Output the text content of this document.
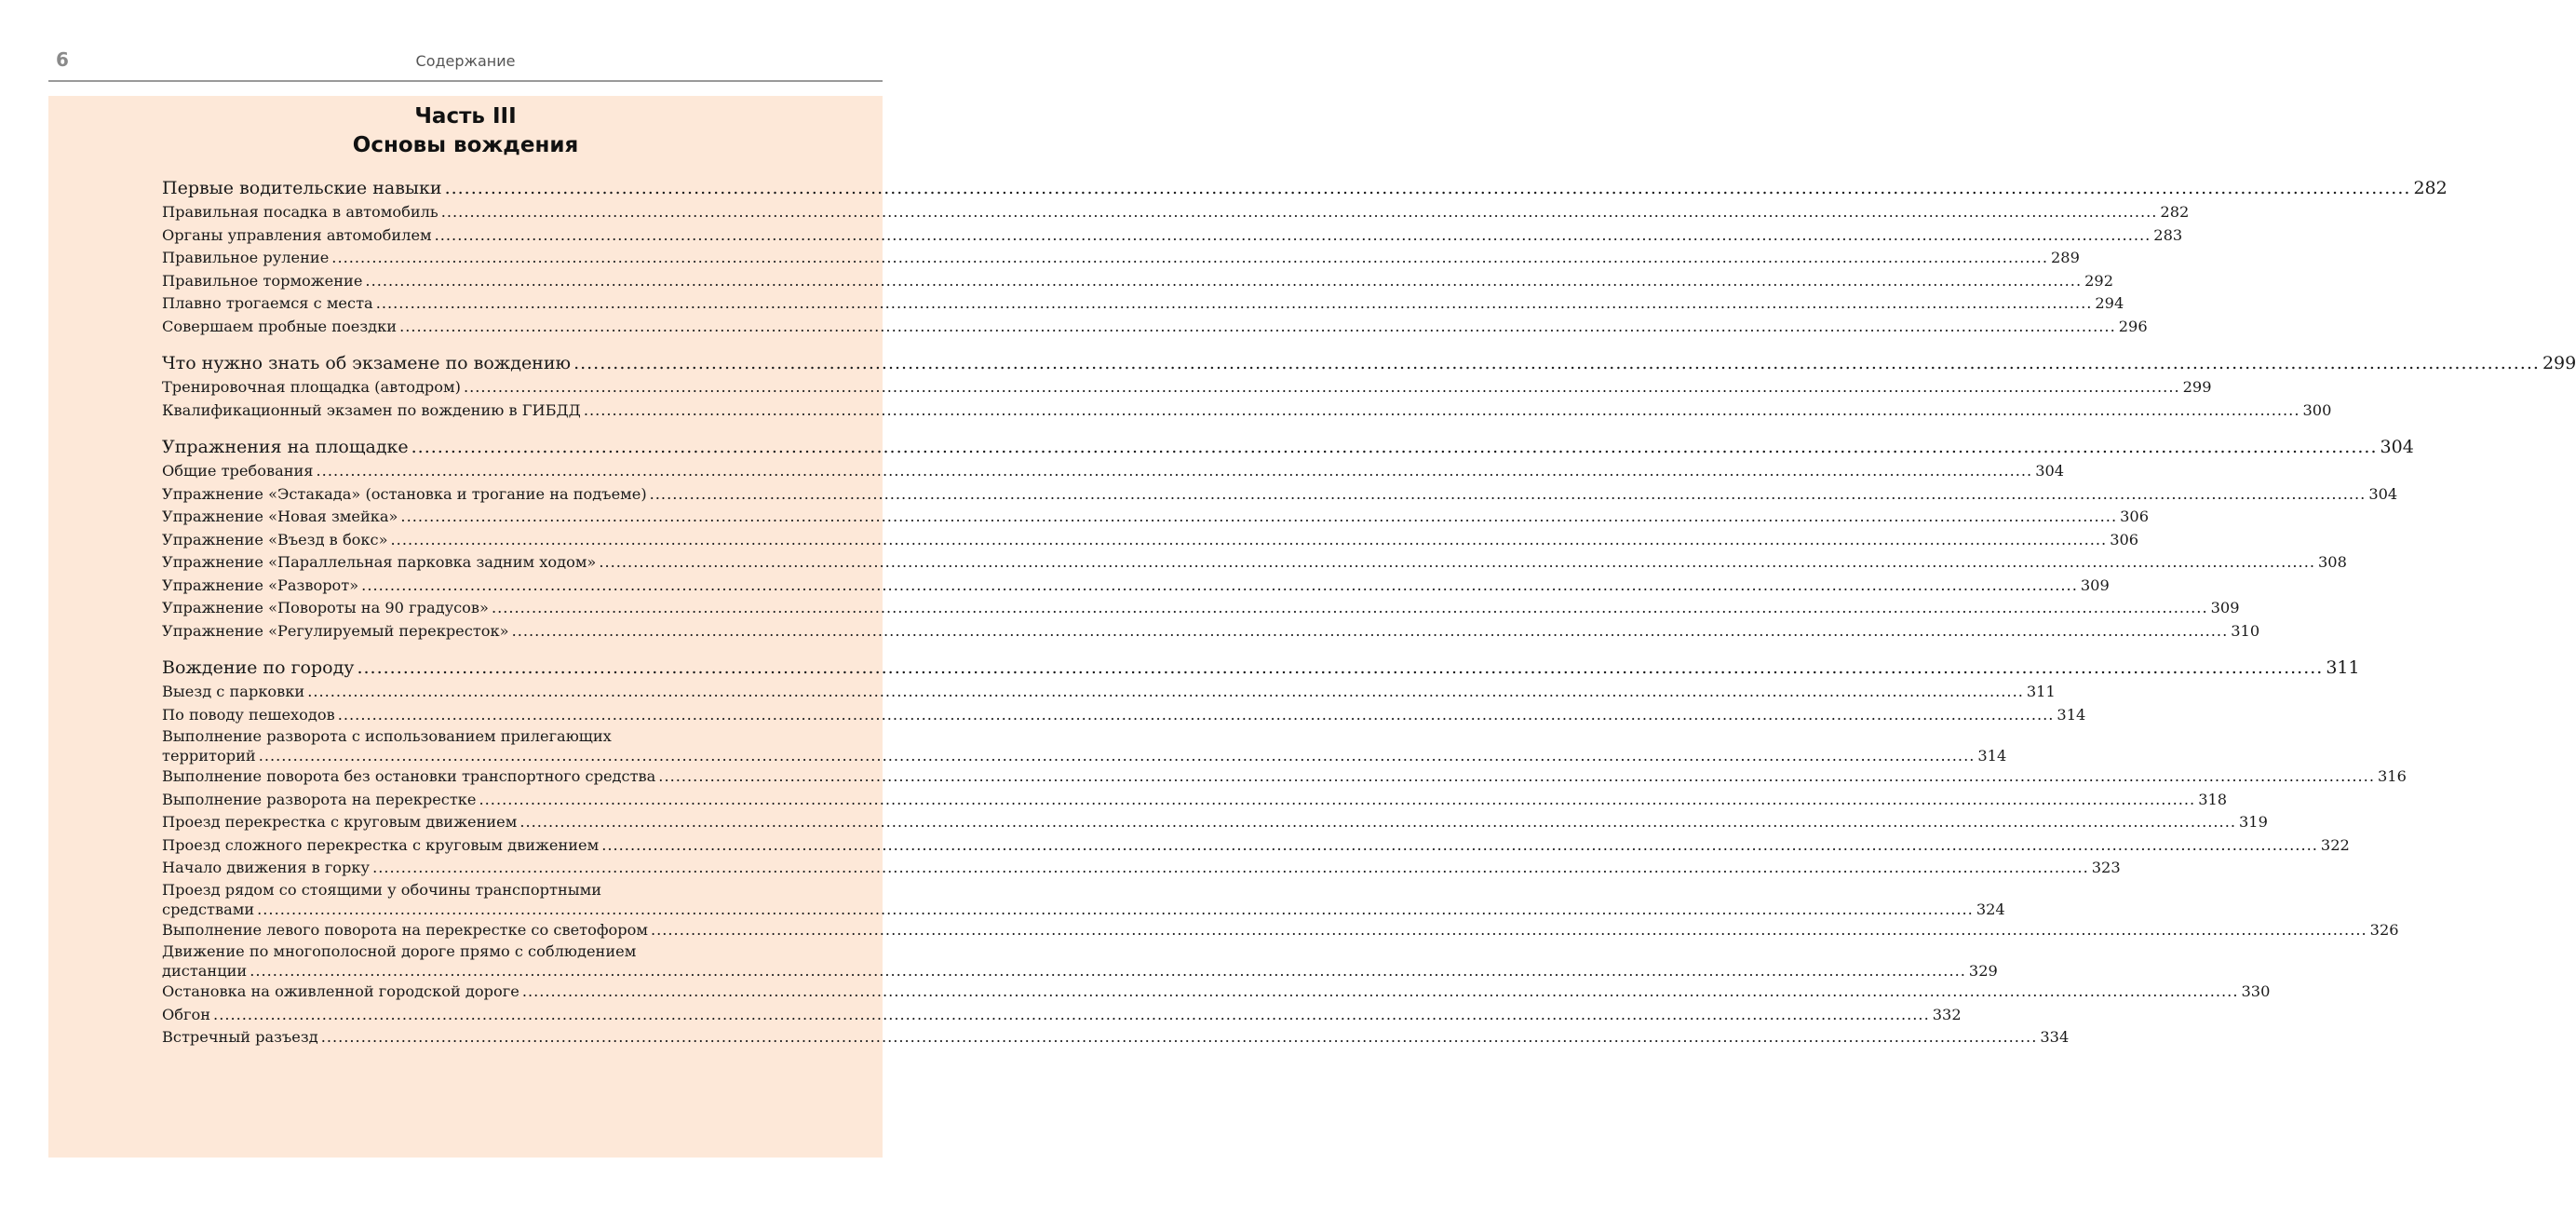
6	Содержание
Часть III
Основы вождения
Первые водительские навыки ............................................................................................................................................................................................................................................................................................................ 282
Правильная посадка в автомобиль ............................................................................................................................................................................................................................................................................................................ 282
Органы управления автомобилем ............................................................................................................................................................................................................................................................................................................ 283
Правильное руление ............................................................................................................................................................................................................................................................................................................ 289
Правильное торможение ............................................................................................................................................................................................................................................................................................................ 292
Плавно трогаемся с места ............................................................................................................................................................................................................................................................................................................ 294
Совершаем пробные поездки ............................................................................................................................................................................................................................................................................................................ 296
Что нужно знать об экзамене по вождению ............................................................................................................................................................................................................................................................................................................ 299
Тренировочная площадка (автодром) ............................................................................................................................................................................................................................................................................................................ 299
Квалификационный экзамен по вождению в ГИБДД ............................................................................................................................................................................................................................................................................................................ 300
Упражнения на площадке ............................................................................................................................................................................................................................................................................................................ 304
Общие требования ............................................................................................................................................................................................................................................................................................................ 304
Упражнение «Эстакада» (остановка и трогание на подъеме) ............................................................................................................................................................................................................................................................................................................ 304
Упражнение «Новая змейка» ............................................................................................................................................................................................................................................................................................................ 306
Упражнение «Въезд в бокс» ............................................................................................................................................................................................................................................................................................................ 306
Упражнение «Параллельная парковка задним ходом» ............................................................................................................................................................................................................................................................................................................ 308
Упражнение «Разворот» ............................................................................................................................................................................................................................................................................................................ 309
Упражнение «Повороты на 90 градусов» ............................................................................................................................................................................................................................................................................................................ 309
Упражнение «Регулируемый перекресток» ............................................................................................................................................................................................................................................................................................................ 310
Вождение по городу ............................................................................................................................................................................................................................................................................................................ 311
Выезд с парковки ............................................................................................................................................................................................................................................................................................................ 311
По поводу пешеходов ............................................................................................................................................................................................................................................................................................................ 314
Выполнение разворота с использованием прилегающих
территорий ............................................................................................................................................................................................................................................................................................................ 314
Выполнение поворота без остановки транспортного средства ............................................................................................................................................................................................................................................................................................................ 316
Выполнение разворота на перекрестке ............................................................................................................................................................................................................................................................................................................ 318
Проезд перекрестка с круговым движением ............................................................................................................................................................................................................................................................................................................ 319
Проезд сложного перекрестка с круговым движением ............................................................................................................................................................................................................................................................................................................ 322
Начало движения в горку ............................................................................................................................................................................................................................................................................................................ 323
Проезд рядом со стоящими у обочины транспортными
средствами ............................................................................................................................................................................................................................................................................................................ 324
Выполнение левого поворота на перекрестке со светофором ............................................................................................................................................................................................................................................................................................................ 326
Движение по многополосной дороге прямо с соблюдением
дистанции ............................................................................................................................................................................................................................................................................................................ 329
Остановка на оживленной городской дороге ............................................................................................................................................................................................................................................................................................................ 330
Обгон ............................................................................................................................................................................................................................................................................................................ 332
Встречный разъезд ............................................................................................................................................................................................................................................................................................................ 334
